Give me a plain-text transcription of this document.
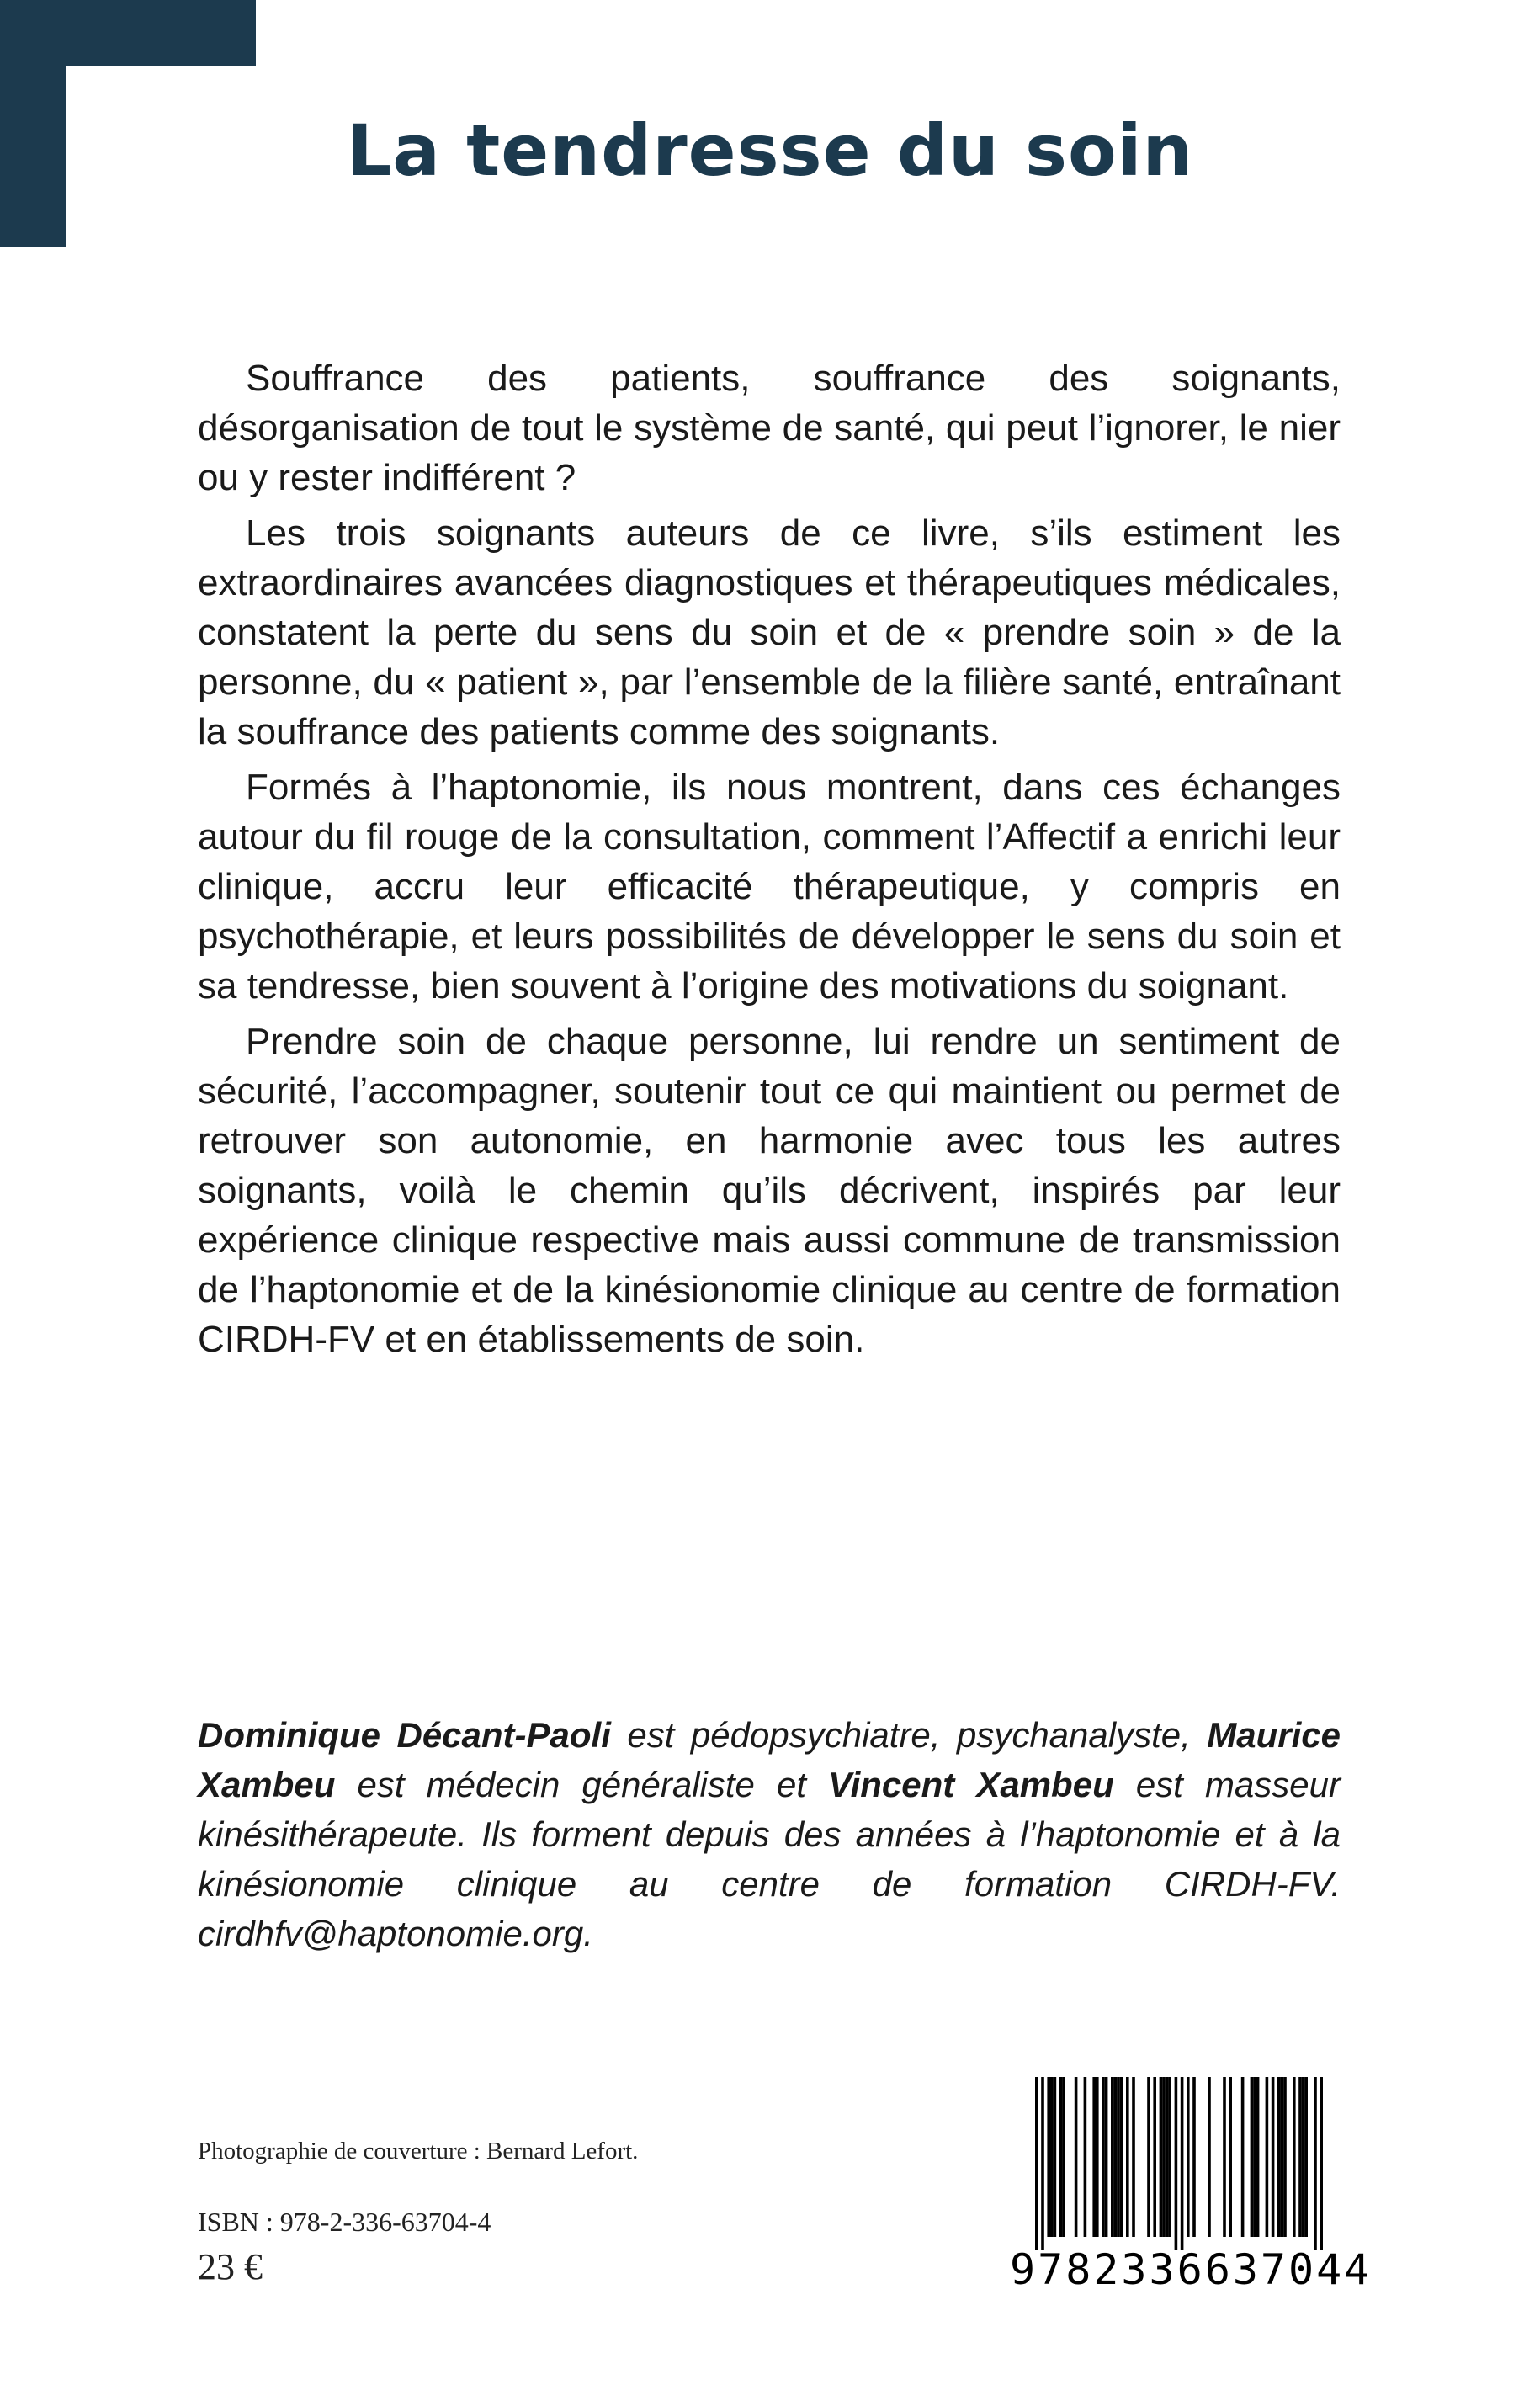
La tendresse du soin

Souffrance des patients, souffrance des soignants, désorganisation de tout le système de santé, qui peut l’ignorer, le nier ou y rester indifférent ?

Les trois soignants auteurs de ce livre, s’ils estiment les extraordinaires avancées diagnostiques et thérapeutiques médicales, constatent la perte du sens du soin et de « prendre soin » de la personne, du « patient », par l’ensemble de la filière santé, entraînant la souffrance des patients comme des soignants.

Formés à l’haptonomie, ils nous montrent, dans ces échanges autour du fil rouge de la consultation, comment l’Affectif a enrichi leur clinique, accru leur efficacité thérapeutique, y compris en psychothérapie, et leurs possibilités de développer le sens du soin et sa tendresse, bien souvent à l’origine des motivations du soignant.

Prendre soin de chaque personne, lui rendre un sentiment de sécurité, l’accompagner, soutenir tout ce qui maintient ou permet de retrouver son autonomie, en harmonie avec tous les autres soignants, voilà le chemin qu’ils décrivent, inspirés par leur expérience clinique respective mais aussi commune de transmission de l’haptonomie et de la kinésionomie clinique au centre de formation CIRDH-FV et en établissements de soin.

Dominique Décant-Paoli est pédopsychiatre, psychanalyste, Maurice Xambeu est médecin généraliste et Vincent Xambeu est masseur kinésithérapeute. Ils forment depuis des années à l’haptonomie et à la kinésionomie clinique au centre de formation CIRDH-FV. cirdhfv@haptonomie.org.

Photographie de couverture : Bernard Lefort.

ISBN : 978-2-336-63704-4

23 €	9782336637044
